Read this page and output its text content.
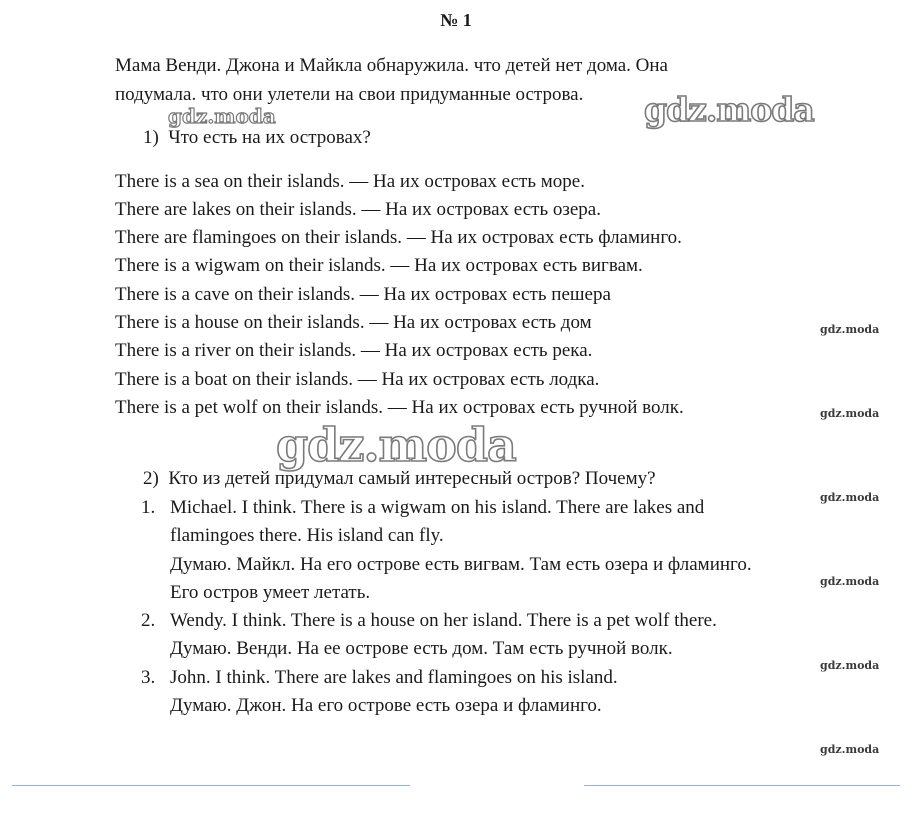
№ 1
Мама Венди. Джона и Майкла обнаружила. что детей нет дома. Она
подумала. что они улетели на свои придуманные острова.
1) Что есть на их островах?
There is a sea on their islands. — На их островах есть море.
There are lakes on their islands. — На их островах есть озера.
There are flamingoes on their islands. — На их островах есть фламинго.
There is a wigwam on their islands. — На их островах есть вигвам.
There is a cave on their islands. — На их островах есть пешера
There is a house on their islands. — На их островах есть дом
There is a river on their islands. — На их островах есть река.
There is a boat on their islands. — На их островах есть лодка.
There is a pet wolf on their islands. — На их островах есть ручной волк.
2) Кто из детей придумал самый интересный остров? Почему?
1. Michael. I think. There is a wigwam on his island. There are lakes and
flamingoes there. His island can fly.
Думаю. Майкл. На его острове есть вигвам. Там есть озера и фламинго.
Его остров умеет летать.
2. Wendy. I think. There is a house on her island. There is a pet wolf there.
Думаю. Венди. На ее острове есть дом. Там есть ручной волк.
3. John. I think. There are lakes and flamingoes on his island.
Думаю. Джон. На его острове есть озера и фламинго.
gdz.moda	gdz.moda
gdz.moda
gdz.moda
gdz.moda
gdz.moda
gdz.moda
gdz.moda
gdz.moda
